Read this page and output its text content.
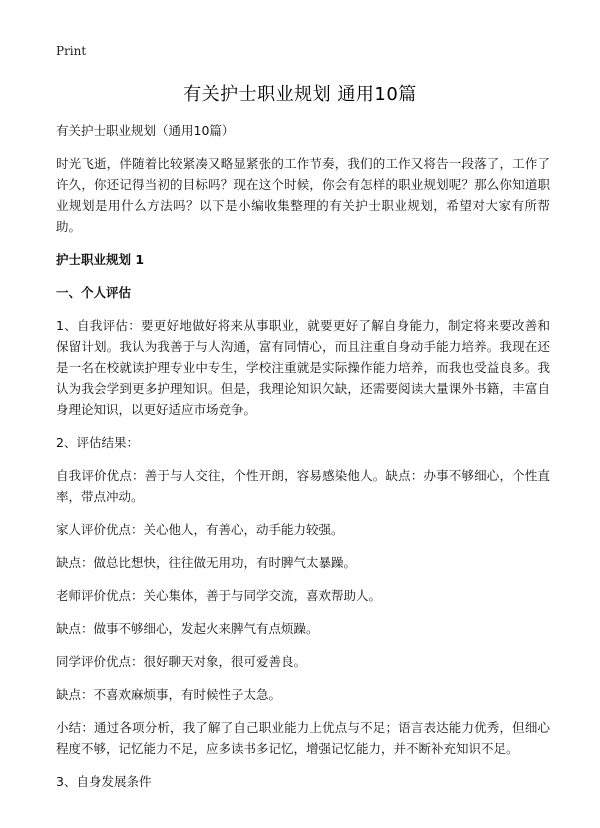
Print
有关护士职业规划 通用10篇

有关护士职业规划（通用10篇）

时光飞逝，伴随着比较紧凑又略显紧张的工作节奏，我们的工作又将告一段落了，工作了许久，你还记得当初的目标吗？现在这个时候，你会有怎样的职业规划呢？那么你知道职业规划是用什么方法吗？以下是小编收集整理的有关护士职业规划，希望对大家有所帮助。

护士职业规划 1

一、个人评估

1、自我评估：要更好地做好将来从事职业，就要更好了解自身能力，制定将来要改善和保留计划。我认为我善于与人沟通，富有同情心，而且注重自身动手能力培养。我现在还是一名在校就读护理专业中专生，学校注重就是实际操作能力培养，而我也受益良多。我认为我会学到更多护理知识。但是，我理论知识欠缺，还需要阅读大量课外书籍，丰富自身理论知识，以更好适应市场竞争。

2、评估结果：

自我评价优点：善于与人交往，个性开朗，容易感染他人。缺点：办事不够细心，个性直率，带点冲动。

家人评价优点：关心他人，有善心，动手能力较强。

缺点：做总比想快，往往做无用功，有时脾气太暴躁。

老师评价优点：关心集体，善于与同学交流，喜欢帮助人。

缺点：做事不够细心，发起火来脾气有点烦躁。

同学评价优点：很好聊天对象，很可爱善良。

缺点：不喜欢麻烦事，有时候性子太急。

小结：通过各项分析，我了解了自己职业能力上优点与不足；语言表达能力优秀，但细心程度不够，记忆能力不足，应多读书多记忆，增强记忆能力，并不断补充知识不足。

3、自身发展条件
